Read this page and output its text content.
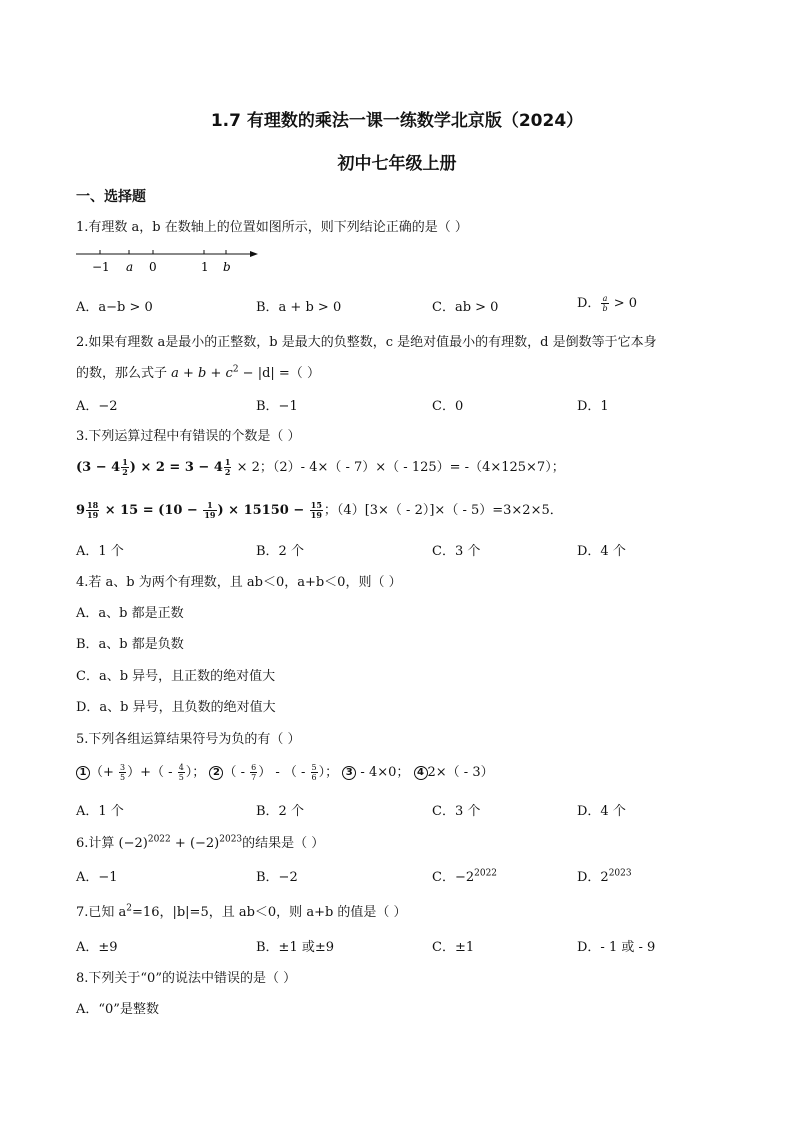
1.7 有理数的乘法一课一练数学北京版（2024）
初中七年级上册
一、选择题
1.有理数 a，b 在数轴上的位置如图所示，则下列结论正确的是（ ）
−1 a 0	1 b
A．a−b > 0	B．a + b > 0	C．ab > 0	D． $\frac{a}{b} > 0$
2.如果有理数 a是最小的正整数，b 是最大的负整数，c 是绝对值最小的有理数，d 是倒数等于它本身
的数，那么式子 $a + b + c^2 - |d|$ =（ ）
A．−2	B．−1	C．0	D．1
3.下列运算过程中有错误的个数是（ ）
($3 - 4 \frac{1}{2}$ ) × $2 = 3 - 4 \frac{1}{2} \times 2$；（2）- 4×（ - 7）×（ - 125）= -（4×125×7）；
$9 \frac{18}{19} \times 15 = (10 - \frac{1}{19}$ ) × $15150 - \frac{15}{19}$ ；（4）[3×（ - 2）]×（ - 5）=3×2×5．
A．1 个	B．2 个	C．3 个	D．4 个
4.若 a、b 为两个有理数，且 ab＜0，a+b＜0，则（ ）
A．a、b 都是正数
B．a、b 都是负数
C．a、b 异号，且正数的绝对值大
D．a、b 异号，且负数的绝对值大
5.下列各组运算结果符号为负的有（ ）
1 （+ $\frac{3}{5}$ ）+（ - $\frac{4}{5}$ ）； 2 （ - $\frac{6}{7}$ ） - （ - $\frac{5}{6}$ ）； 3 - 4×0； 4 2×（ - 3）
A．1 个	B．2 个	C．3 个	D．4 个
6.计算 $(-2)^{2022} + (-2)^{2023}$的结果是（ ）
A．−1	B．−2	C．$-2^{2022}$	D．$2^{2023}$
7.已知 $a^2=16$，|b|=5，且 ab＜0，则 a+b 的值是（ ）
A．±9	B．±1 或±9	C．±1	D．- 1 或 - 9
8.下列关于“0”的说法中错误的是（ ）
A．“0”是整数
